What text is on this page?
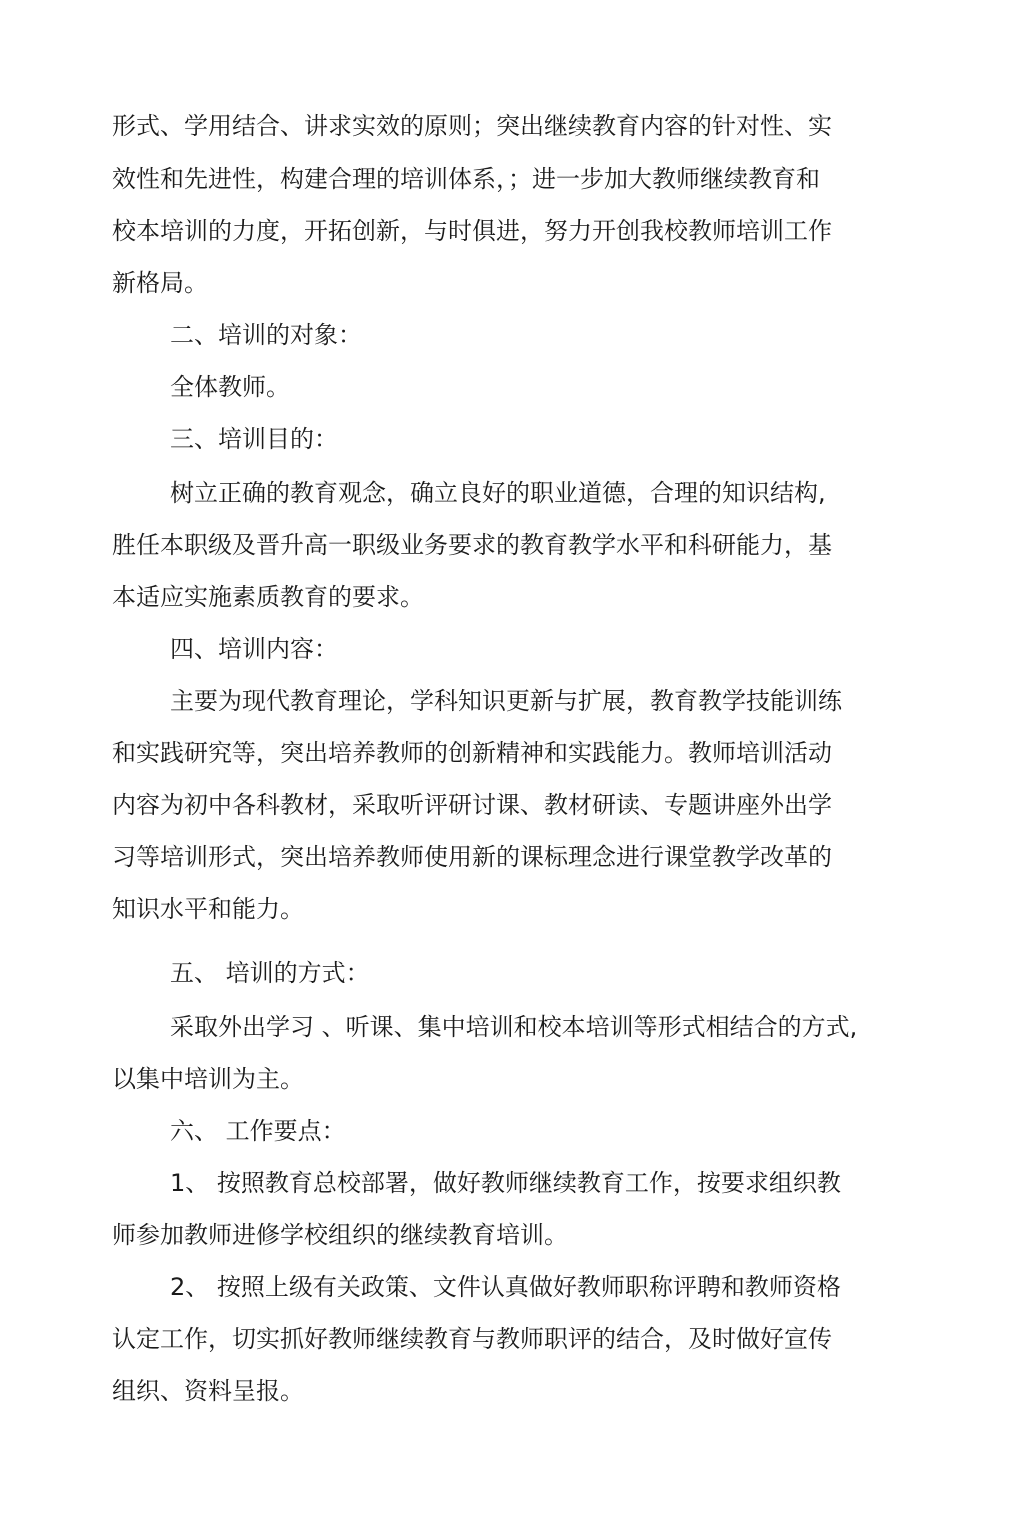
形式、学用结合、讲求实效的原则；突出继续教育内容的针对性、实

效性和先进性，构建合理的培训体系，；进一步加大教师继续教育和

校本培训的力度，开拓创新，与时俱进，努力开创我校教师培训工作

新格局。

二、培训的对象：

全体教师。

三、培训目的：

树立正确的教育观念，确立良好的职业道德，合理的知识结构,

胜任本职级及晋升高一职级业务要求的教育教学水平和科研能力，基

本适应实施素质教育的要求。

四、培训内容：

主要为现代教育理论，学科知识更新与扩展，教育教学技能训练

和实践研究等，突出培养教师的创新精神和实践能力。教师培训活动

内容为初中各科教材，采取听评研讨课、教材研读、专题讲座外出学

习等培训形式，突出培养教师使用新的课标理念进行课堂教学改革的

知识水平和能力。

五、 培训的方式：

采取外出学习 、听课、集中培训和校本培训等形式相结合的方式,

以集中培训为主。

六、 工作要点：

1、 按照教育总校部署，做好教师继续教育工作，按要求组织教

师参加教师进修学校组织的继续教育培训。

2、 按照上级有关政策、文件认真做好教师职称评聘和教师资格

认定工作，切实抓好教师继续教育与教师职评的结合，及时做好宣传

组织、资料呈报。
